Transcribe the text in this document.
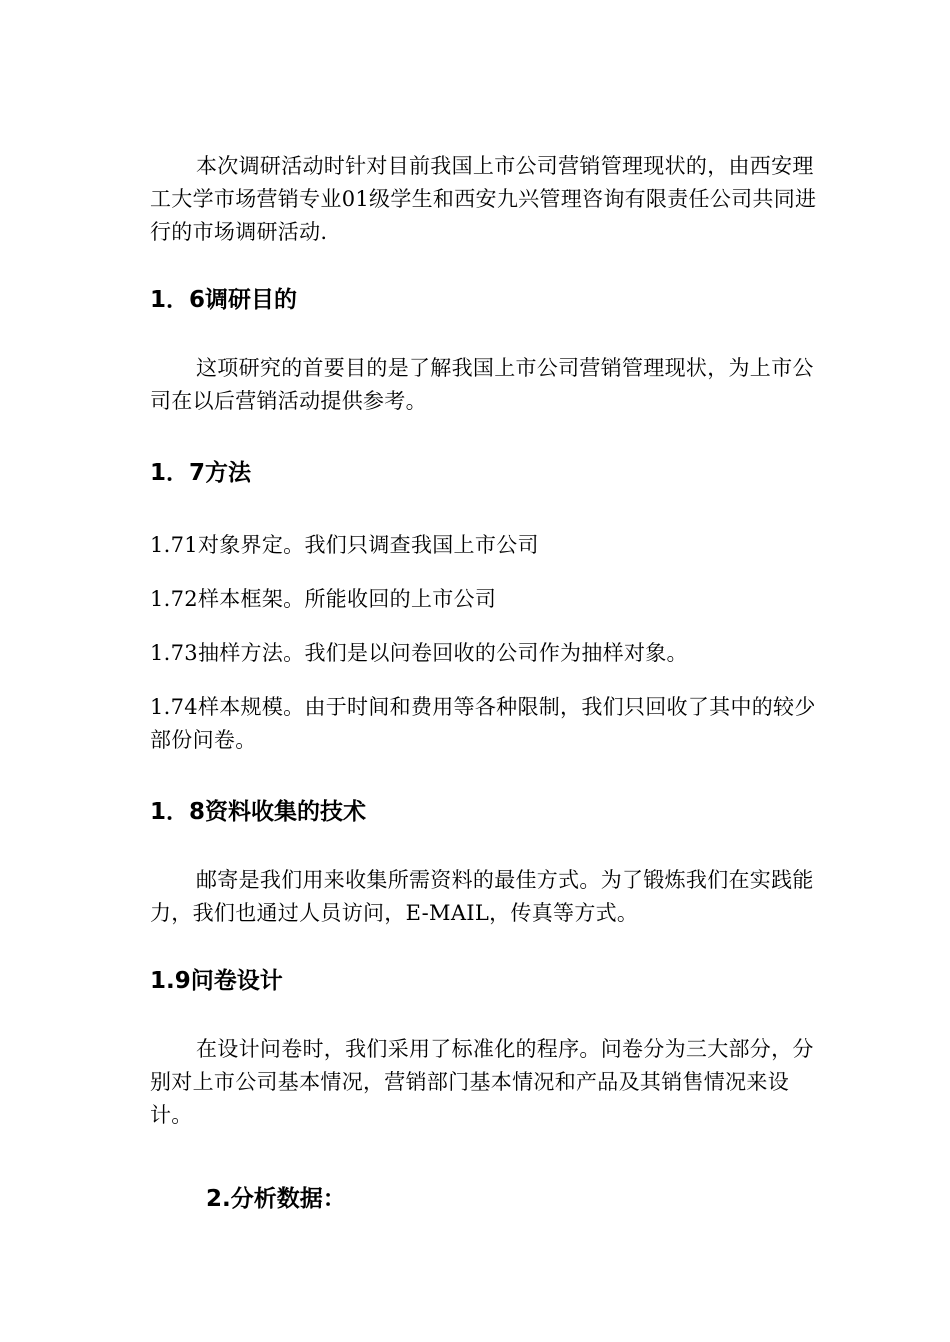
本次调研活动时针对目前我国上市公司营销管理现状的，由西安理工大学市场营销专业01级学生和西安九兴管理咨询有限责任公司共同进行的市场调研活动.

1．6调研目的

这项研究的首要目的是了解我国上市公司营销管理现状，为上市公司在以后营销活动提供参考。

1．7方法

1.71对象界定。我们只调查我国上市公司

1.72样本框架。所能收回的上市公司

1.73抽样方法。我们是以问卷回收的公司作为抽样对象。

1.74样本规模。由于时间和费用等各种限制，我们只回收了其中的较少部份问卷。

1．8资料收集的技术

邮寄是我们用来收集所需资料的最佳方式。为了锻炼我们在实践能力，我们也通过人员访问，E-MAIL，传真等方式。

1.9问卷设计

在设计问卷时，我们采用了标准化的程序。问卷分为三大部分，分别对上市公司基本情况，营销部门基本情况和产品及其销售情况来设计。

2.分析数据：
